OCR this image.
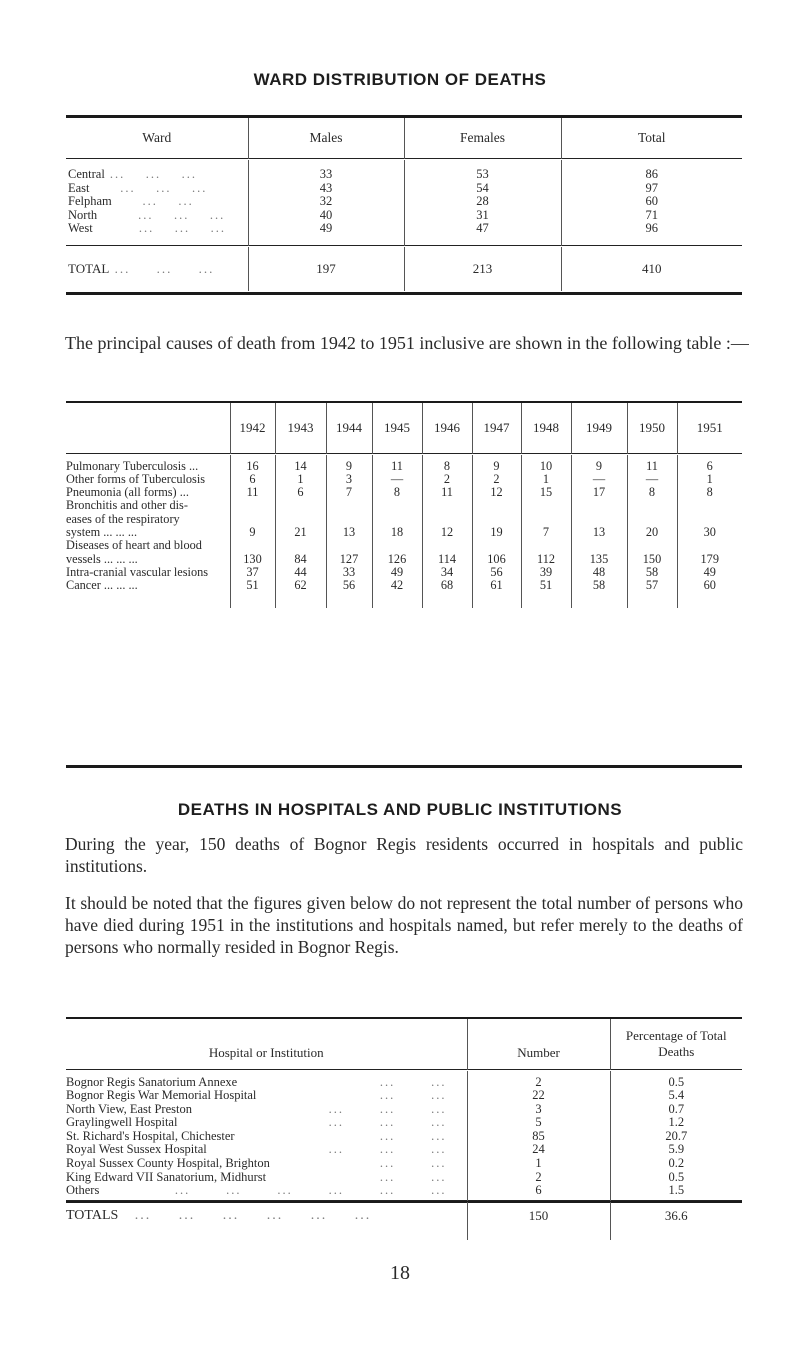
WARD DISTRIBUTION OF DEATHS
Ward	Males	Females	Total

Central ...    ...    ...	33	53	86
East      ...    ...    ...	43	54	97
Felpham      ...    ...	32	28	60
North        ...    ...    ...	40	31	71
West         ...    ...    ...	49	47	96

TOTAL ...     ...     ...	197	213	410
The principal causes of death from 1942 to 1951 inclusive are shown in the following table :—
	1942	1943	1944	1945	1946	1947	1948	1949	1950	1951

Pulmonary Tuberculosis ...	16	14	9	11	8	9	10	9	11	6

Other forms of Tuberculosis	6	1	3	—	2	2	1	—	—	1

Pneumonia (all forms) ...	11	6	7	8	11	12	15	17	8	8

Bronchitis and other dis-
eases of the respiratory
system ... ... ...	9	21	13	18	12	19	7	13	20	30

Diseases of heart and blood
vessels ... ... ...	130	84	127	126	114	106	112	135	150	179

Intra-cranial vascular lesions	37	44	33	49	34	56	39	48	58	49

Cancer ... ... ...	51	62	56	42	68	61	51	58	57	60

DEATHS IN HOSPITALS AND PUBLIC INSTITUTIONS
During the year, 150 deaths of Bognor Regis residents occurred in hospitals and public institutions.
It should be noted that the figures given below do not represent the total number of persons who have died during 1951 in the institutions and hospitals named, but refer merely to the deaths of persons who normally resided in Bognor Regis.
Hospital or Institution	Number	Percentage of Total Deaths

Bognor Regis Sanatorium Annexe ...       ...	2	0.5
Bognor Regis War Memorial Hospital ...       ...	22	5.4
North View, East Preston ...       ...       ...	3	0.7
Graylingwell Hospital ...       ...       ...	5	1.2
St. Richard's Hospital, Chichester ...       ...	85	20.7
Royal West Sussex Hospital ...       ...       ...	24	5.9
Royal Sussex County Hospital, Brighton ...       ...	1	0.2
King Edward VII Sanatorium, Midhurst ...       ...	2	0.5
Others ...       ...       ...       ...       ...       ...	6	1.5

TOTALS   ...     ...     ...     ...     ...     ...	150	36.6

18
